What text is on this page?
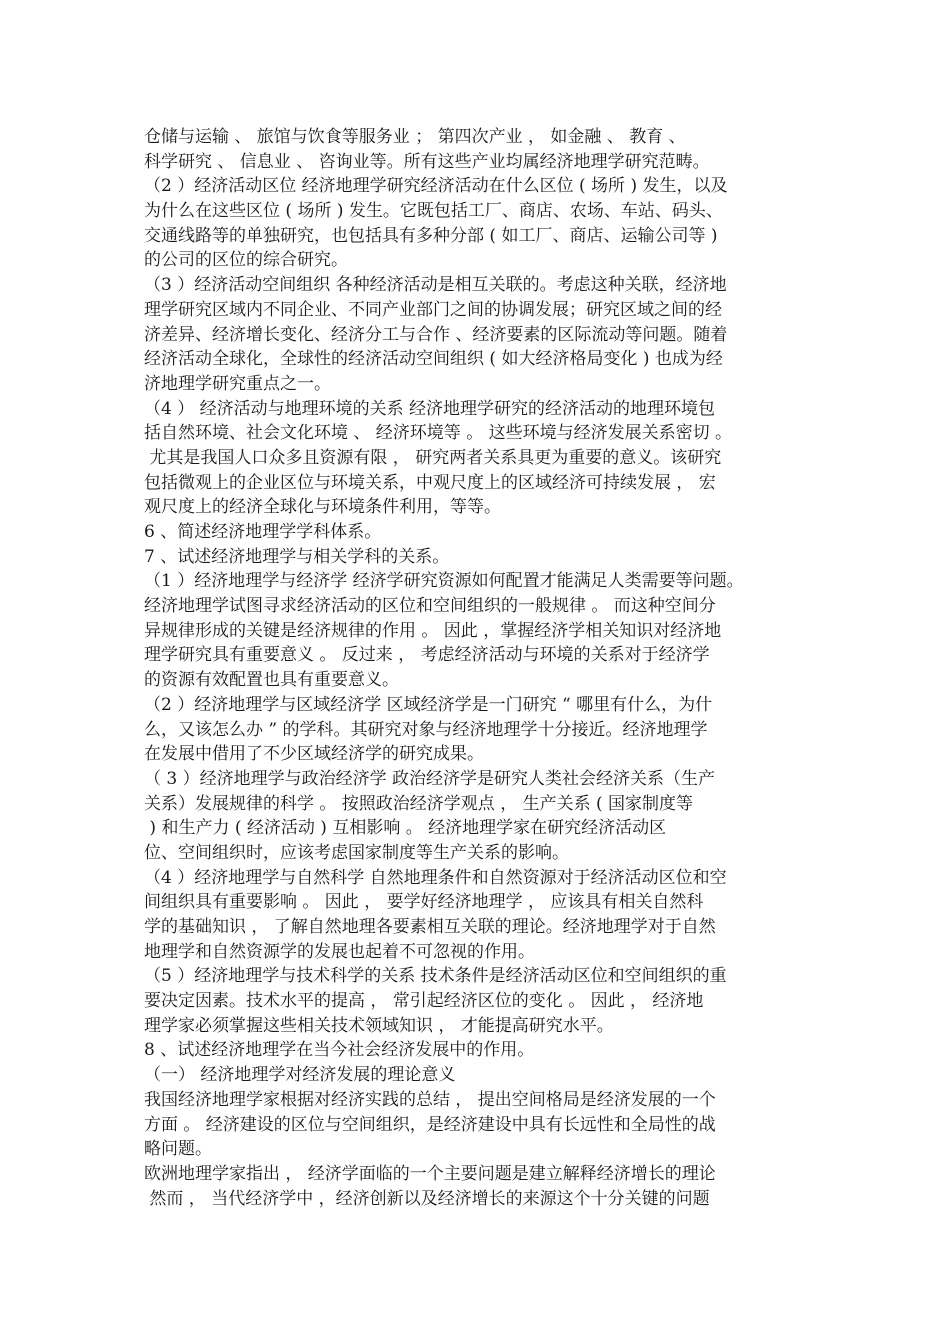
仓储与运输 、 旅馆与饮食等服务业 ； 第四次产业 ， 如金融 、 教育 、
科学研究 、 信息业 、 咨询业等。所有这些产业均属经济地理学研究范畴。
（2 ）经济活动区位 经济地理学研究经济活动在什么区位 ( 场所 ) 发生，以及
为什么在这些区位 ( 场所 ) 发生。它既包括工厂、商店、农场、车站、码头、
交通线路等的单独研究，也包括具有多种分部 ( 如工厂、商店、运输公司等 )
的公司的区位的综合研究。
（3 ）经济活动空间组织 各种经济活动是相互关联的。考虑这种关联，经济地
理学研究区域内不同企业、不同产业部门之间的协调发展；研究区域之间的经
济差异、经济增长变化、经济分工与合作 、经济要素的区际流动等问题。随着
经济活动全球化，全球性的经济活动空间组织 ( 如大经济格局变化 ) 也成为经
济地理学研究重点之一。
（4 ） 经济活动与地理环境的关系 经济地理学研究的经济活动的地理环境包
括自然环境、社会文化环境 、 经济环境等 。 这些环境与经济发展关系密切 。
尤其是我国人口众多且资源有限 ， 研究两者关系具更为重要的意义。该研究
包括微观上的企业区位与环境关系，中观尺度上的区域经济可持续发展 ， 宏
观尺度上的经济全球化与环境条件利用，等等。
6 、简述经济地理学学科体系。
7 、试述经济地理学与相关学科的关系。
（1 ）经济地理学与经济学 经济学研究资源如何配置才能满足人类需要等问题。
经济地理学试图寻求经济活动的区位和空间组织的一般规律 。 而这种空间分
异规律形成的关键是经济规律的作用 。 因此 ，掌握经济学相关知识对经济地
理学研究具有重要意义 。 反过来 ， 考虑经济活动与环境的关系对于经济学
的资源有效配置也具有重要意义。
（2 ）经济地理学与区域经济学 区域经济学是一门研究 “ 哪里有什么，为什
么，又该怎么办 ” 的学科。其研究对象与经济地理学十分接近。经济地理学
在发展中借用了不少区域经济学的研究成果。
（ 3 ）经济地理学与政治经济学 政治经济学是研究人类社会经济关系（生产
关系）发展规律的科学 。 按照政治经济学观点 ， 生产关系 ( 国家制度等
) 和生产力 ( 经济活动 ) 互相影响 。 经济地理学家在研究经济活动区
位、空间组织时，应该考虑国家制度等生产关系的影响。
（4 ）经济地理学与自然科学 自然地理条件和自然资源对于经济活动区位和空
间组织具有重要影响 。 因此 ， 要学好经济地理学 ， 应该具有相关自然科
学的基础知识 ， 了解自然地理各要素相互关联的理论。经济地理学对于自然
地理学和自然资源学的发展也起着不可忽视的作用。
（5 ）经济地理学与技术科学的关系 技术条件是经济活动区位和空间组织的重
要决定因素。技术水平的提高 ， 常引起经济区位的变化 。 因此 ， 经济地
理学家必须掌握这些相关技术领域知识 ， 才能提高研究水平。
8 、试述经济地理学在当今社会经济发展中的作用。
（一） 经济地理学对经济发展的理论意义
我国经济地理学家根据对经济实践的总结 ， 提出空间格局是经济发展的一个
方面 。 经济建设的区位与空间组织，是经济建设中具有长远性和全局性的战
略问题。
欧洲地理学家指出 ， 经济学面临的一个主要问题是建立解释经济增长的理论
然而 ， 当代经济学中 ，经济创新以及经济增长的来源这个十分关键的问题
